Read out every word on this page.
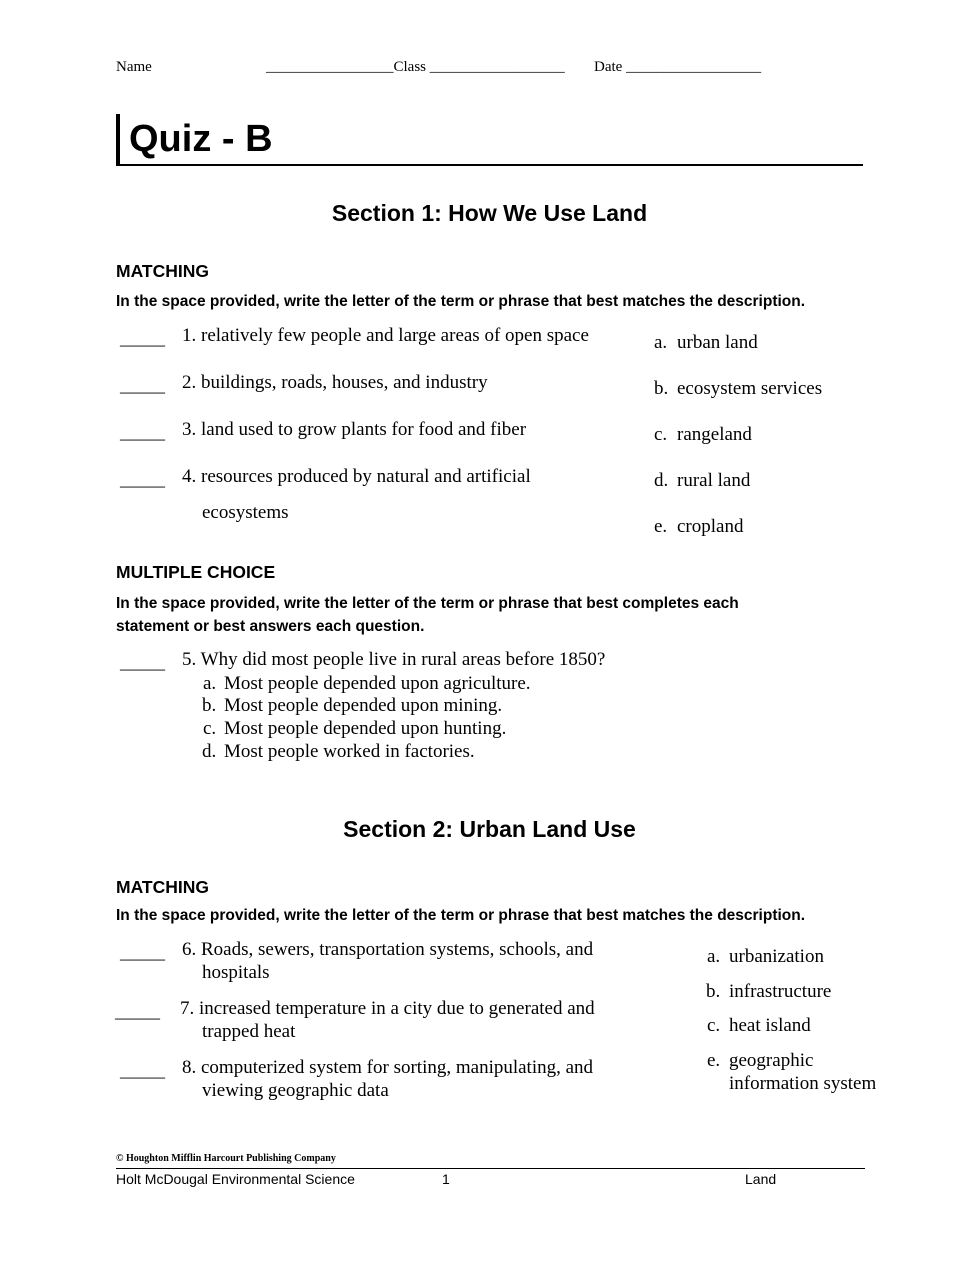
Name	_________________Class __________________ Date __________________
Quiz - B
Section 1: How We Use Land
MATCHING
In the space provided, write the letter of the term or phrase that best matches the description.
_____ 1. relatively few people and large areas of open space
_____ 2. buildings, roads, houses, and industry
_____ 3. land used to grow plants for food and fiber
_____ 4. resources produced by natural and artificial
ecosystems
a. urban land
b. ecosystem services
c. rangeland
d. rural land
e. cropland
MULTIPLE CHOICE
In the space provided, write the letter of the term or phrase that best completes each
statement or best answers each question.
_____ 5. Why did most people live in rural areas before 1850?
a. Most people depended upon agriculture.
b. Most people depended upon mining.
c. Most people depended upon hunting.
d. Most people worked in factories.
Section 2: Urban Land Use
MATCHING
In the space provided, write the letter of the term or phrase that best matches the description.
_____ 6. Roads, sewers, transportation systems, schools, and
hospitals
_____ 7. increased temperature in a city due to generated and
trapped heat
_____ 8. computerized system for sorting, manipulating, and
viewing geographic data
a. urbanization
b. infrastructure
c. heat island
e. geographic
information system
© Houghton Mifflin Harcourt Publishing Company
Holt McDougal Environmental Science	1	Land
